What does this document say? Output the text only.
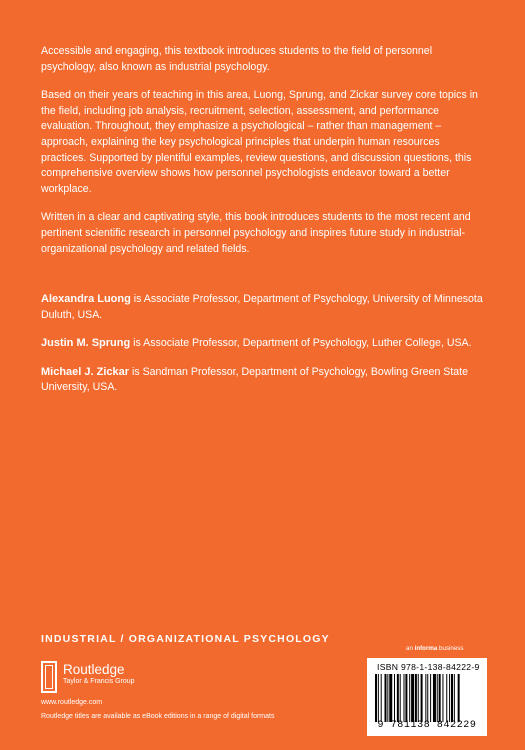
Accessible and engaging, this textbook introduces students to the field of personnel psychology, also known as industrial psychology.

Based on their years of teaching in this area, Luong, Sprung, and Zickar survey core topics in the field, including job analysis, recruitment, selection, assessment, and performance evaluation. Throughout, they emphasize a psychological – rather than management – approach, explaining the key psychological principles that underpin human resources practices. Supported by plentiful examples, review questions, and discussion questions, this comprehensive overview shows how personnel psychologists endeavor toward a better workplace.

Written in a clear and captivating style, this book introduces students to the most recent and pertinent scientific research in personnel psychology and inspires future study in industrial-organizational psychology and related fields.

Alexandra Luong is Associate Professor, Department of Psychology, University of Minnesota Duluth, USA.

Justin M. Sprung is Associate Professor, Department of Psychology, Luther College, USA.

Michael J. Zickar is Sandman Professor, Department of Psychology, Bowling Green State University, USA.

INDUSTRIAL / ORGANIZATIONAL PSYCHOLOGY
an informa business
Routledge
Taylor & Francis Group
www.routledge.com
Routledge titles are available as eBook editions in a range of digital formats
ISBN 978-1-138-84222-9
9 781138 842229
